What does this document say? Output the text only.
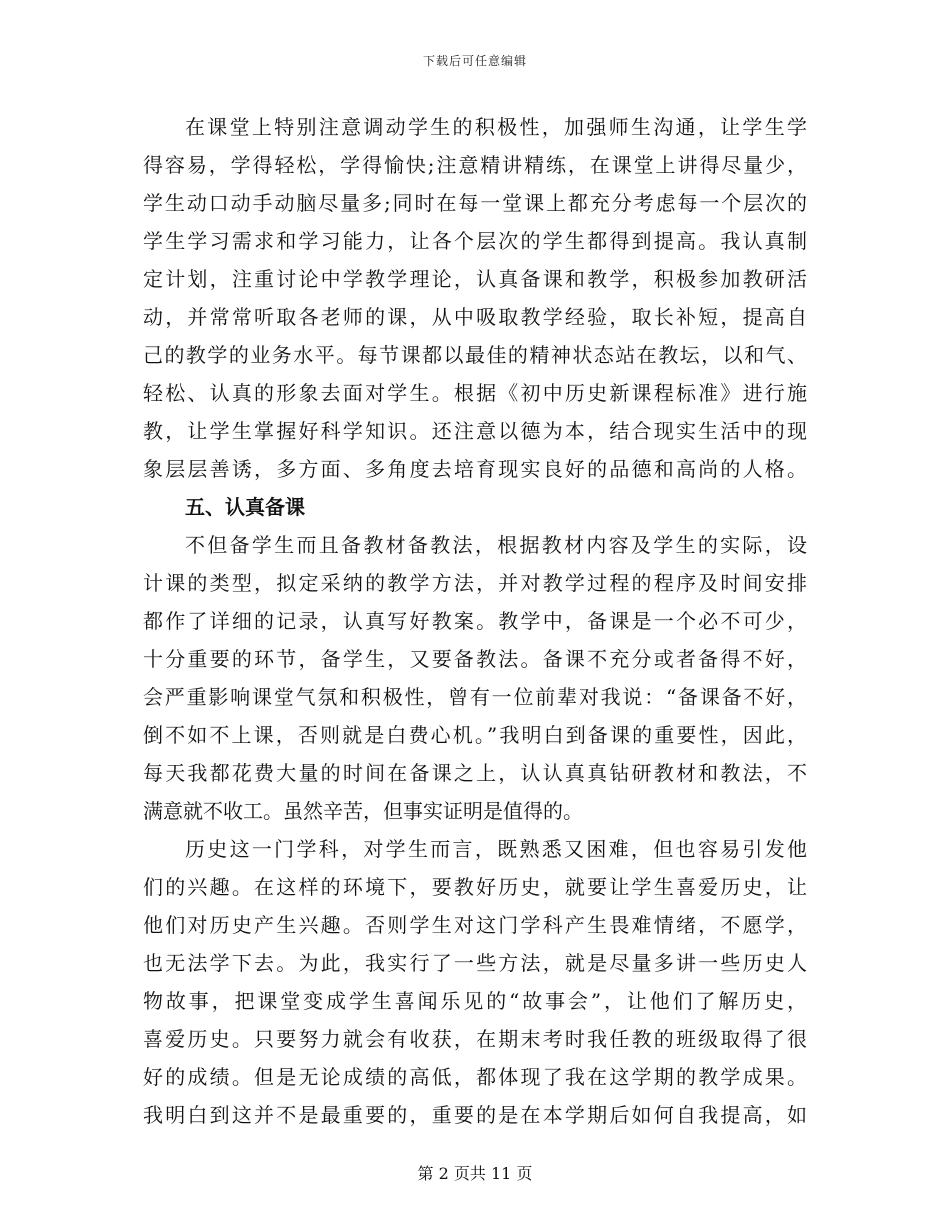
下载后可任意编辑
在课堂上特别注意调动学生的积极性，加强师生沟通，让学生学
得容易，学得轻松，学得愉快;注意精讲精练，在课堂上讲得尽量少，
学生动口动手动脑尽量多;同时在每一堂课上都充分考虑每一个层次的
学生学习需求和学习能力，让各个层次的学生都得到提高。我认真制
定计划，注重讨论中学教学理论，认真备课和教学，积极参加教研活
动，并常常听取各老师的课，从中吸取教学经验，取长补短，提高自
己的教学的业务水平。每节课都以最佳的精神状态站在教坛，以和气、
轻松、认真的形象去面对学生。根据《初中历史新课程标准》进行施
教，让学生掌握好科学知识。还注意以德为本，结合现实生活中的现
象层层善诱，多方面、多角度去培育现实良好的品德和高尚的人格。
五、认真备课
不但备学生而且备教材备教法，根据教材内容及学生的实际，设
计课的类型，拟定采纳的教学方法，并对教学过程的程序及时间安排
都作了详细的记录，认真写好教案。教学中，备课是一个必不可少，
十分重要的环节，备学生，又要备教法。备课不充分或者备得不好，
会严重影响课堂气氛和积极性，曾有一位前辈对我说：“备课备不好，
倒不如不上课，否则就是白费心机。”我明白到备课的重要性，因此，
每天我都花费大量的时间在备课之上，认认真真钻研教材和教法，不
满意就不收工。虽然辛苦，但事实证明是值得的。
历史这一门学科，对学生而言，既熟悉又困难，但也容易引发他
们的兴趣。在这样的环境下，要教好历史，就要让学生喜爱历史，让
他们对历史产生兴趣。否则学生对这门学科产生畏难情绪，不愿学，
也无法学下去。为此，我实行了一些方法，就是尽量多讲一些历史人
物故事，把课堂变成学生喜闻乐见的“故事会”，让他们了解历史，
喜爱历史。只要努力就会有收获，在期末考时我任教的班级取得了很
好的成绩。但是无论成绩的高低，都体现了我在这学期的教学成果。
我明白到这并不是最重要的，重要的是在本学期后如何自我提高，如
第 2 页共 11 页
